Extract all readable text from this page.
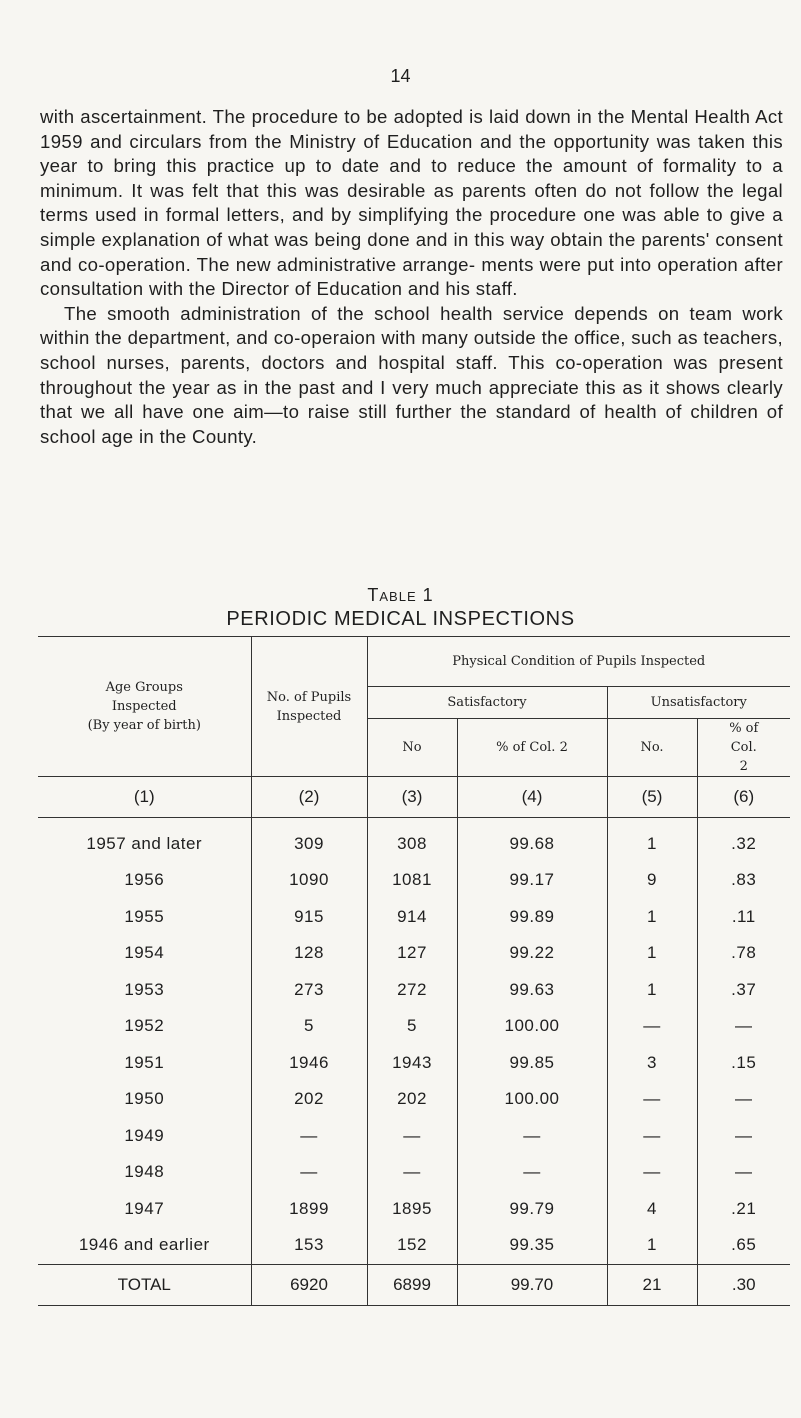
14

with ascertainment. The procedure to be adopted is laid down in the Mental Health Act 1959 and circulars from the Ministry of Education and the opportunity was taken this year to bring this practice up to date and to reduce the amount of formality to a minimum. It was felt that this was desirable as parents often do not follow the legal terms used in formal letters, and by simplifying the procedure one was able to give a simple explanation of what was being done and in this way obtain the parents' consent and co-operation. The new administrative arrange- ments were put into operation after consultation with the Director of Education and his staff.

The smooth administration of the school health service depends on team work within the department, and co-operaion with many outside the office, such as teachers, school nurses, parents, doctors and hospital staff. This co-operation was present throughout the year as in the past and I very much appreciate this as it shows clearly that we all have one aim—to raise still further the standard of health of children of school age in the County.

Table 1
PERIODIC MEDICAL INSPECTIONS
Age Groups Inspected
(By year of birth)	No. of Pupils Inspected	Physical Condition of Pupils Inspected			
		Satisfactory		Unsatisfactory	
		No	% of Col. 2	No.	% of Col. 2

(1)	(2)	(3)	(4)	(5)	(6)

1957 and later	309	308	99.68	1	.32
1956	1090	1081	99.17	9	.83
1955	915	914	99.89	1	.11
1954	128	127	99.22	1	.78
1953	273	272	99.63	1	.37
1952	5	5	100.00	—	—
1951	1946	1943	99.85	3	.15
1950	202	202	100.00	—	—
1949	—	—	—	—	—
1948	—	—	—	—	—
1947	1899	1895	99.79	4	.21
1946 and earlier	153	152	99.35	1	.65
TOTAL	6920	6899	99.70	21	.30
